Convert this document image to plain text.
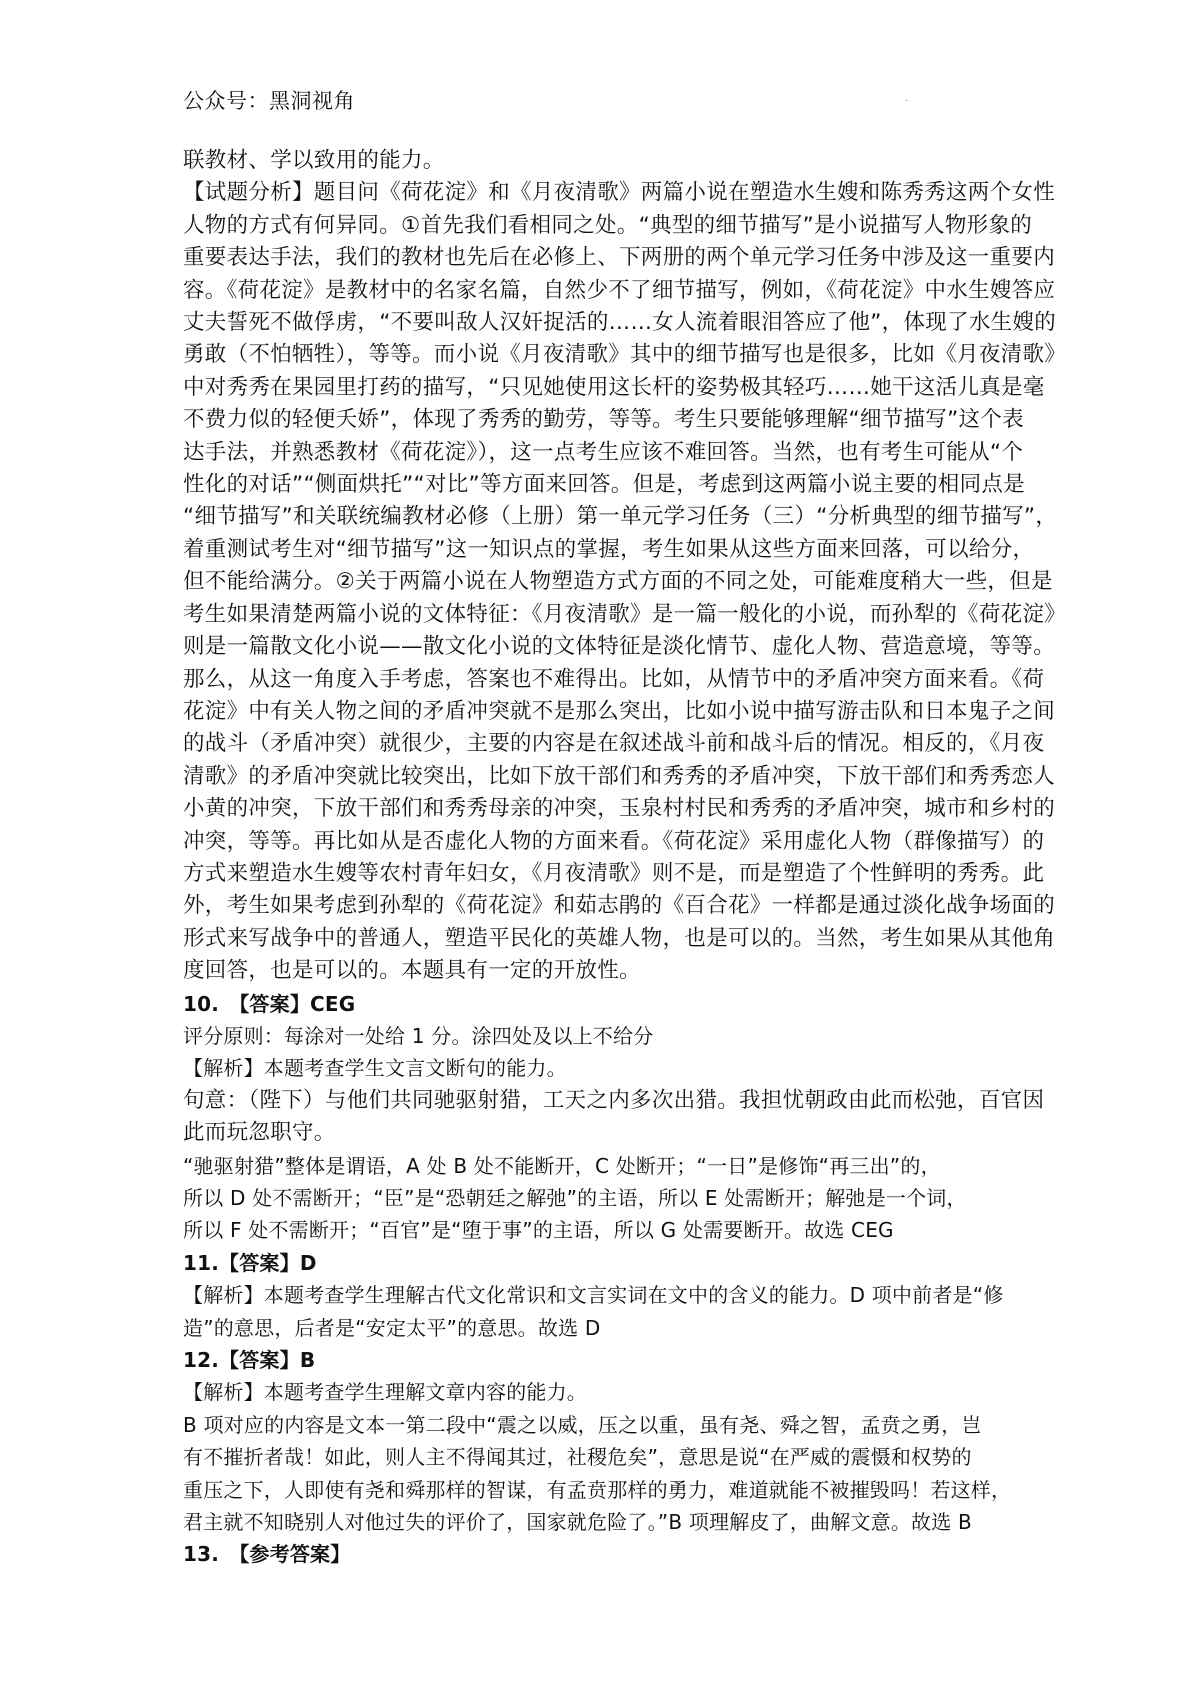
公众号：黑洞视角	·
联教材、学以致用的能力。
【试题分析】题目问《荷花淀》和《月夜清歌》两篇小说在塑造水生嫂和陈秀秀这两个女性
人物的方式有何异同。①首先我们看相同之处。“典型的细节描写”是小说描写人物形象的
重要表达手法，我们的教材也先后在必修上、下两册的两个单元学习任务中涉及这一重要内
容。《荷花淀》是教材中的名家名篇，自然少不了细节描写，例如，《荷花淀》中水生嫂答应
丈夫誓死不做俘虏，“不要叫敌人汉奸捉活的……女人流着眼泪答应了他”，体现了水生嫂的
勇敢（不怕牺牲），等等。而小说《月夜清歌》其中的细节描写也是很多，比如《月夜清歌》
中对秀秀在果园里打药的描写，“只见她使用这长杆的姿势极其轻巧……她干这活儿真是毫
不费力似的轻便夭娇”，体现了秀秀的勤劳，等等。考生只要能够理解“细节描写”这个表
达手法，并熟悉教材《荷花淀》），这一点考生应该不难回答。当然，也有考生可能从“个
性化的对话”“侧面烘托”“对比”等方面来回答。但是，考虑到这两篇小说主要的相同点是
“细节描写”和关联统编教材必修（上册）第一单元学习任务（三）“分析典型的细节描写”，
着重测试考生对“细节描写”这一知识点的掌握，考生如果从这些方面来回落，可以给分，
但不能给满分。②关于两篇小说在人物塑造方式方面的不同之处，可能难度稍大一些，但是
考生如果清楚两篇小说的文体特征：《月夜清歌》是一篇一般化的小说，而孙犁的《荷花淀》
则是一篇散文化小说——散文化小说的文体特征是淡化情节、虚化人物、营造意境，等等。
那么，从这一角度入手考虑，答案也不难得出。比如，从情节中的矛盾冲突方面来看。《荷
花淀》中有关人物之间的矛盾冲突就不是那么突出，比如小说中描写游击队和日本鬼子之间
的战斗（矛盾冲突）就很少，主要的内容是在叙述战斗前和战斗后的情况。相反的，《月夜
清歌》的矛盾冲突就比较突出，比如下放干部们和秀秀的矛盾冲突，下放干部们和秀秀恋人
小黄的冲突，下放干部们和秀秀母亲的冲突，玉泉村村民和秀秀的矛盾冲突，城市和乡村的
冲突，等等。再比如从是否虚化人物的方面来看。《荷花淀》采用虚化人物（群像描写）的
方式来塑造水生嫂等农村青年妇女，《月夜清歌》则不是，而是塑造了个性鲜明的秀秀。此
外，考生如果考虑到孙犁的《荷花淀》和茹志鹃的《百合花》一样都是通过淡化战争场面的
形式来写战争中的普通人，塑造平民化的英雄人物，也是可以的。当然，考生如果从其他角
度回答，也是可以的。本题具有一定的开放性。
10.　【答案】CEG
评分原则：每涂对一处给 1 分。涂四处及以上不给分
【解析】本题考查学生文言文断句的能力。
句意：（陛下）与他们共同驰驱射猎，工天之内多次出猎。我担忧朝政由此而松弛，百官因
此而玩忽职守。
“驰驱射猎”整体是谓语，A 处 B 处不能断开，C 处断开；“一日”是修饰“再三出”的，
所以 D 处不需断开；“臣”是“恐朝廷之解弛”的主语，所以 E 处需断开；解弛是一个词，
所以 F 处不需断开；“百官”是“堕于事”的主语，所以 G 处需要断开。故选 CEG
11.【答案】D
【解析】本题考查学生理解古代文化常识和文言实词在文中的含义的能力。D 项中前者是“修
造”的意思，后者是“安定太平”的意思。故选 D
12.【答案】B
【解析】本题考查学生理解文章内容的能力。
B 项对应的内容是文本一第二段中“震之以威，压之以重，虽有尧、舜之智，孟贲之勇，岂
有不摧折者哉！如此，则人主不得闻其过，社稷危矣”，意思是说“在严威的震慑和权势的
重压之下，人即使有尧和舜那样的智谋，有孟贲那样的勇力，难道就能不被摧毁吗！若这样，
君主就不知晓别人对他过失的评价了，国家就危险了。”B 项理解皮了，曲解文意。故选 B
13.　【参考答案】
